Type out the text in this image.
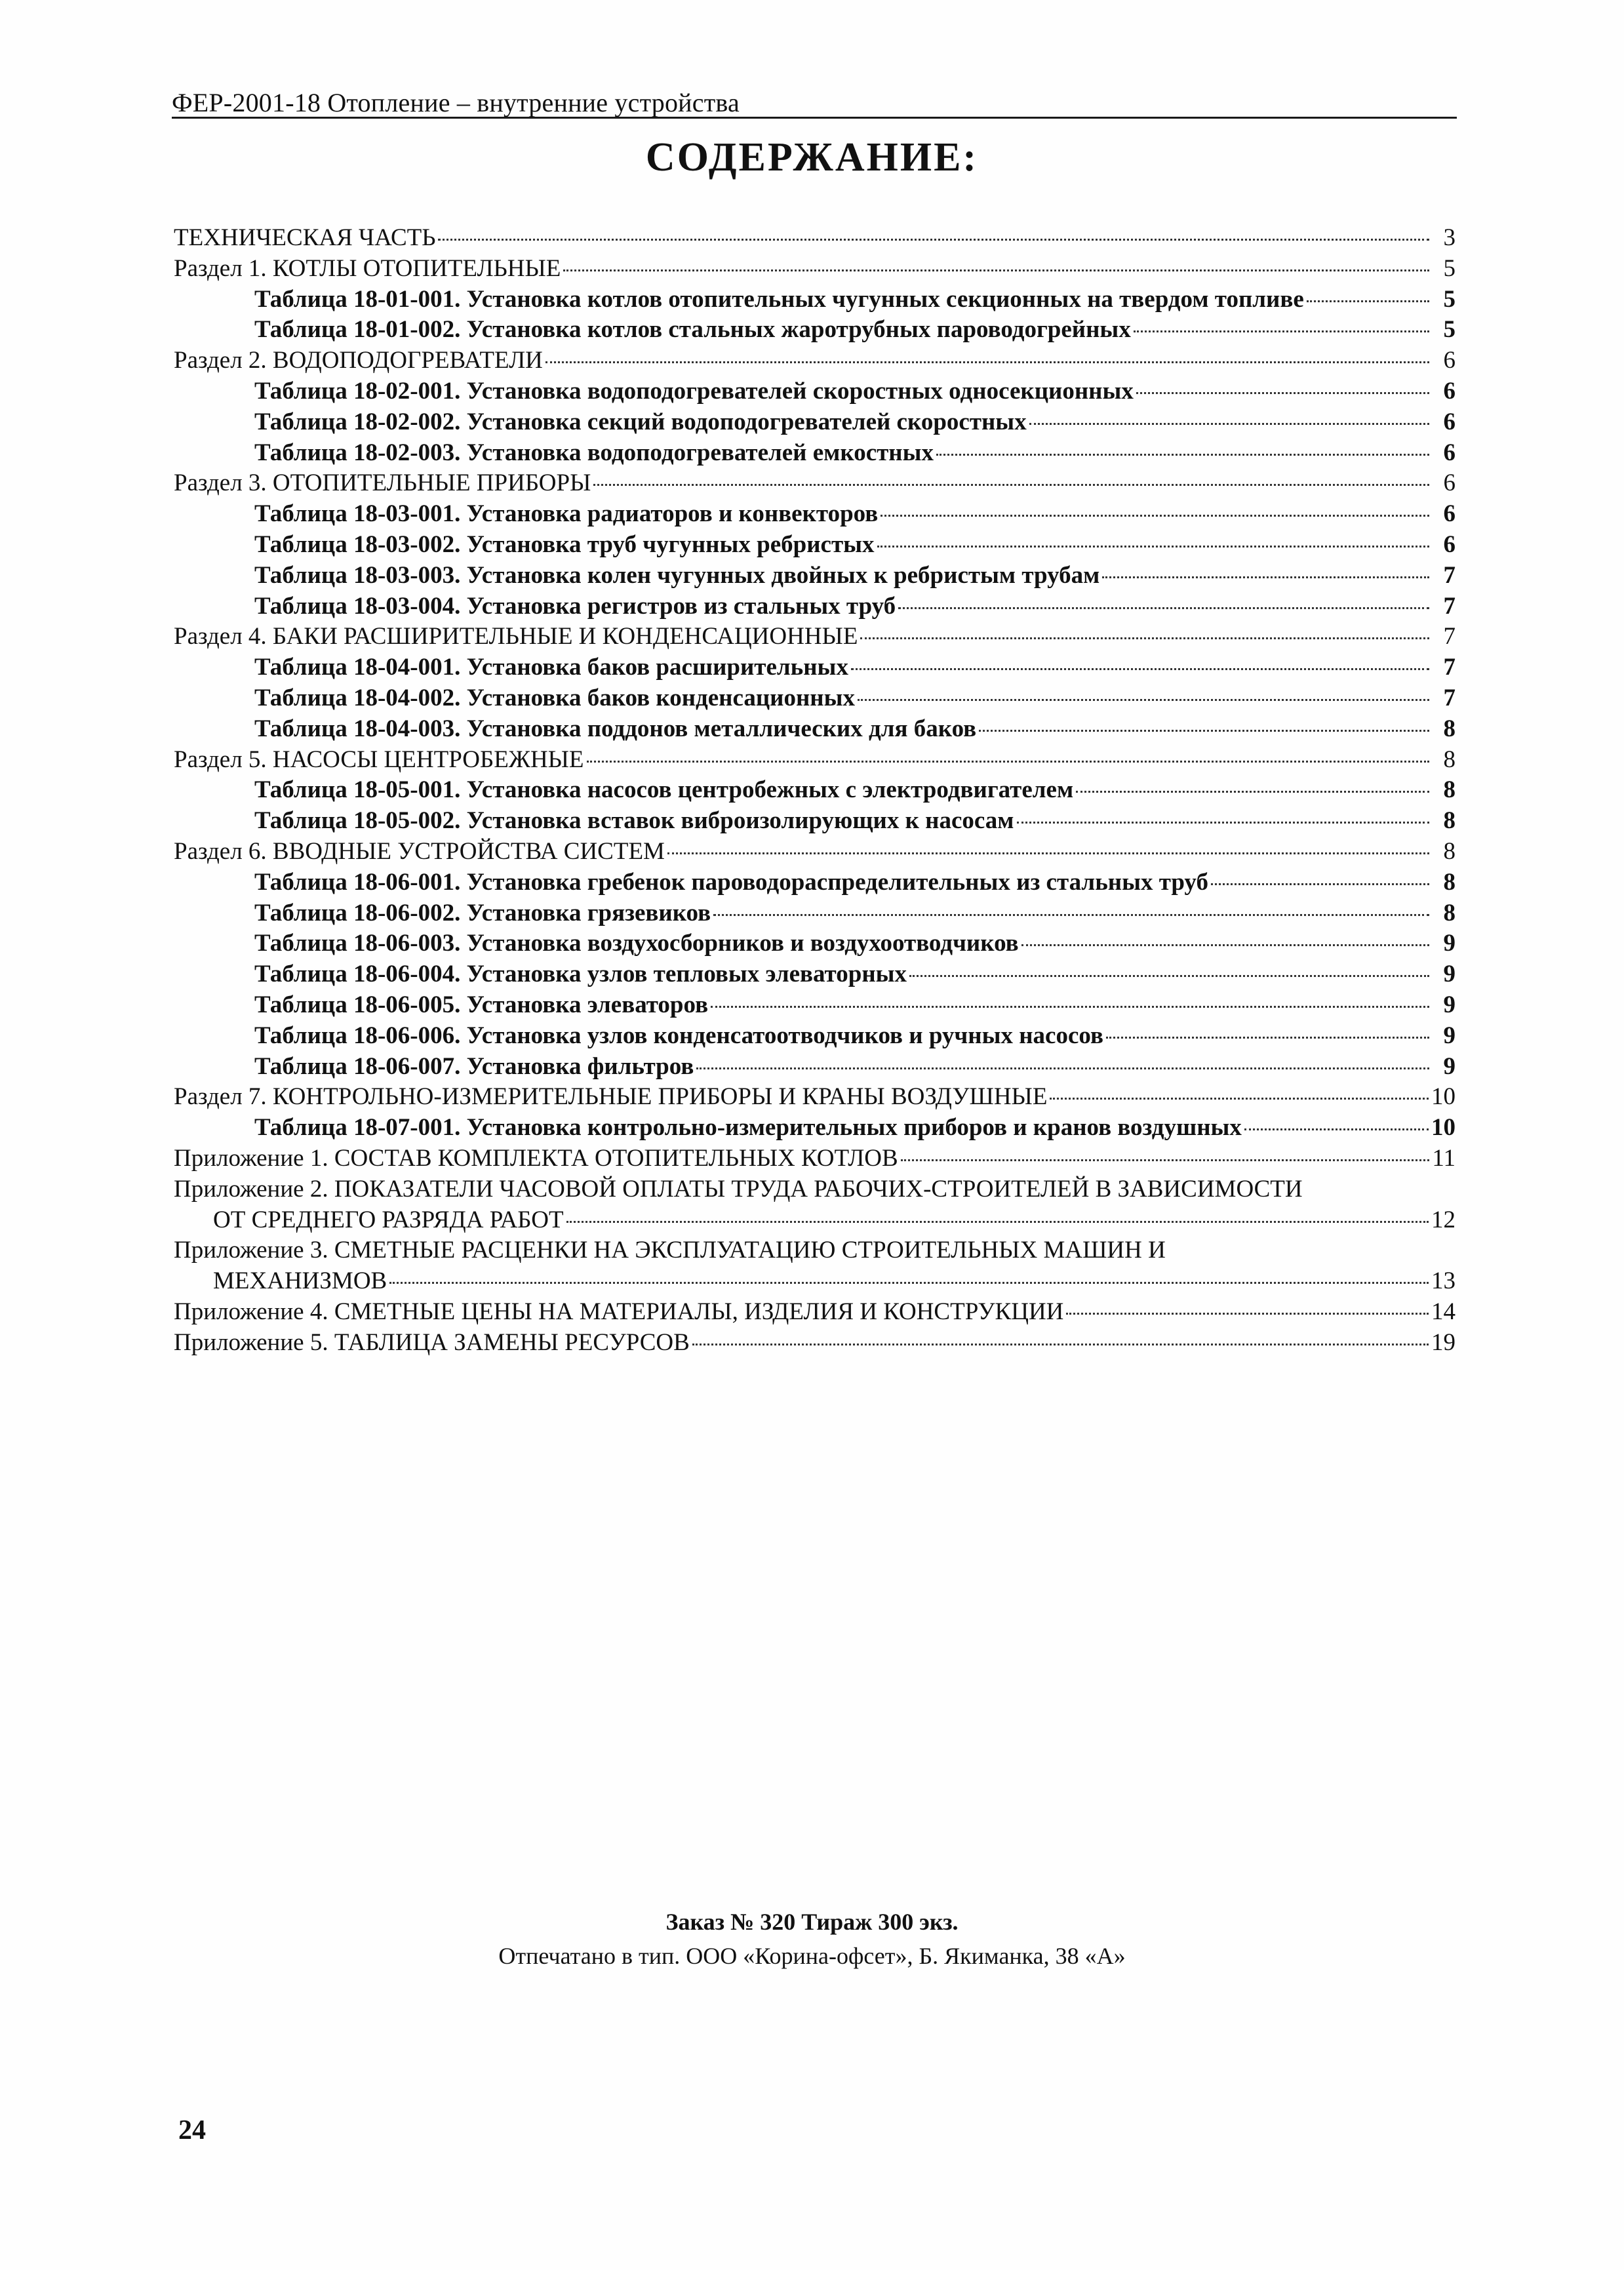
ФЕР-2001-18 Отопление – внутренние устройства
СОДЕРЖАНИЕ:
ТЕХНИЧЕСКАЯ ЧАСТЬ	3
Раздел 1. КОТЛЫ ОТОПИТЕЛЬНЫЕ	5
Таблица 18-01-001. Установка котлов отопительных чугунных секционных на твердом топливе	5
Таблица 18-01-002. Установка котлов стальных жаротрубных пароводогрейных	5
Раздел 2. ВОДОПОДОГРЕВАТЕЛИ	6
Таблица 18-02-001. Установка водоподогревателей скоростных односекционных	6
Таблица 18-02-002. Установка секций водоподогревателей скоростных	6
Таблица 18-02-003. Установка водоподогревателей емкостных	6
Раздел 3. ОТОПИТЕЛЬНЫЕ ПРИБОРЫ	6
Таблица 18-03-001. Установка радиаторов и конвекторов	6
Таблица 18-03-002. Установка труб чугунных ребристых	6
Таблица 18-03-003. Установка колен чугунных двойных к ребристым трубам	7
Таблица 18-03-004. Установка регистров из стальных труб	7
Раздел 4. БАКИ РАСШИРИТЕЛЬНЫЕ И КОНДЕНСАЦИОННЫЕ	7
Таблица 18-04-001. Установка баков расширительных	7
Таблица 18-04-002. Установка баков конденсационных	7
Таблица 18-04-003. Установка поддонов металлических для баков	8
Раздел 5. НАСОСЫ ЦЕНТРОБЕЖНЫЕ	8
Таблица 18-05-001. Установка насосов центробежных с электродвигателем	8
Таблица 18-05-002. Установка вставок виброизолирующих к насосам	8
Раздел 6. ВВОДНЫЕ УСТРОЙСТВА СИСТЕМ	8
Таблица 18-06-001. Установка гребенок пароводораспределительных из стальных труб	8
Таблица 18-06-002. Установка грязевиков	8
Таблица 18-06-003. Установка воздухосборников и воздухоотводчиков	9
Таблица 18-06-004. Установка узлов тепловых элеваторных	9
Таблица 18-06-005. Установка элеваторов	9
Таблица 18-06-006. Установка узлов конденсатоотводчиков и ручных насосов	9
Таблица 18-06-007. Установка фильтров	9
Раздел 7. КОНТРОЛЬНО-ИЗМЕРИТЕЛЬНЫЕ ПРИБОРЫ И КРАНЫ ВОЗДУШНЫЕ	10
Таблица 18-07-001. Установка контрольно-измерительных приборов и кранов воздушных	10
Приложение 1. СОСТАВ КОМПЛЕКТА ОТОПИТЕЛЬНЫХ КОТЛОВ	11
Приложение 2. ПОКАЗАТЕЛИ ЧАСОВОЙ ОПЛАТЫ ТРУДА РАБОЧИХ-СТРОИТЕЛЕЙ В ЗАВИСИМОСТИ
ОТ СРЕДНЕГО РАЗРЯДА РАБОТ	12
Приложение 3. СМЕТНЫЕ РАСЦЕНКИ НА ЭКСПЛУАТАЦИЮ СТРОИТЕЛЬНЫХ МАШИН И
МЕХАНИЗМОВ	13
Приложение 4. СМЕТНЫЕ ЦЕНЫ НА МАТЕРИАЛЫ, ИЗДЕЛИЯ И КОНСТРУКЦИИ	14
Приложение 5. ТАБЛИЦА ЗАМЕНЫ РЕСУРСОВ	19
Заказ № 320 Тираж 300 экз.
Отпечатано в тип. ООО «Корина-офсет», Б. Якиманка, 38 «А»
24
